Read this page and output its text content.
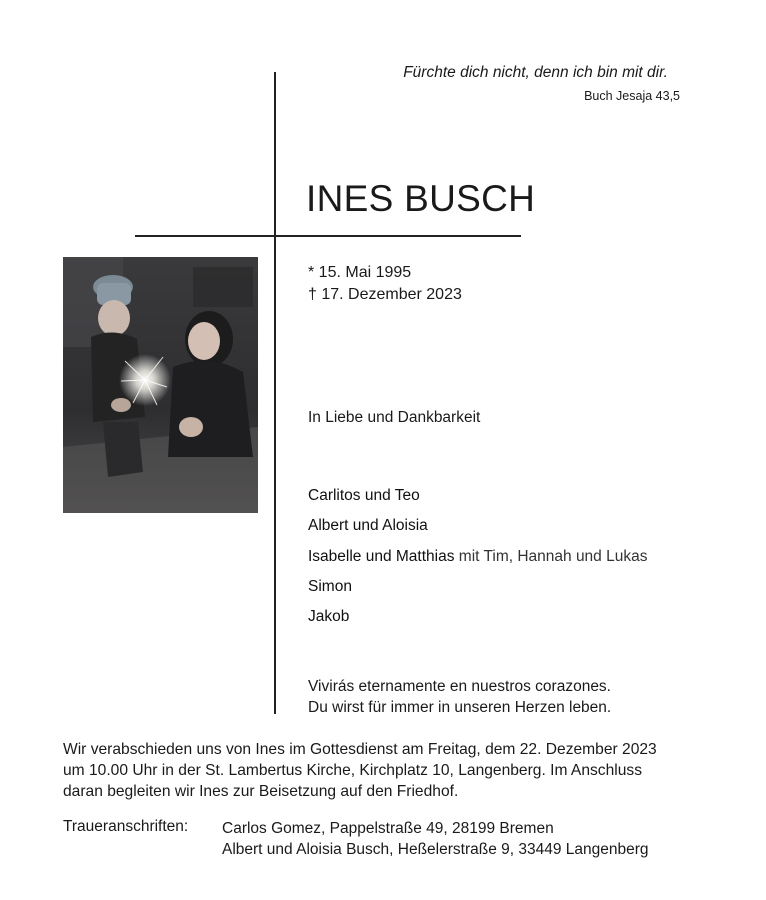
Fürchte dich nicht, denn ich bin mit dir.
Buch Jesaja 43,5
INES BUSCH
* 15. Mai 1995
† 17. Dezember 2023
In Liebe und Dankbarkeit
Carlitos und Teo
Albert und Aloisia
Isabelle und Matthias mit Tim, Hannah und Lukas
Simon
Jakob
Vivirás eternamente en nuestros corazones.
Du wirst für immer in unseren Herzen leben.
Wir verabschieden uns von Ines im Gottesdienst am Freitag, dem 22. Dezember 2023
um 10.00 Uhr in der St. Lambertus Kirche, Kirchplatz 10, Langenberg. Im Anschluss
daran begleiten wir Ines zur Beisetzung auf den Friedhof.
Traueranschriften: Carlos Gomez, Pappelstraße 49, 28199 Bremen
Albert und Aloisia Busch, Heßelerstraße 9, 33449 Langenberg
